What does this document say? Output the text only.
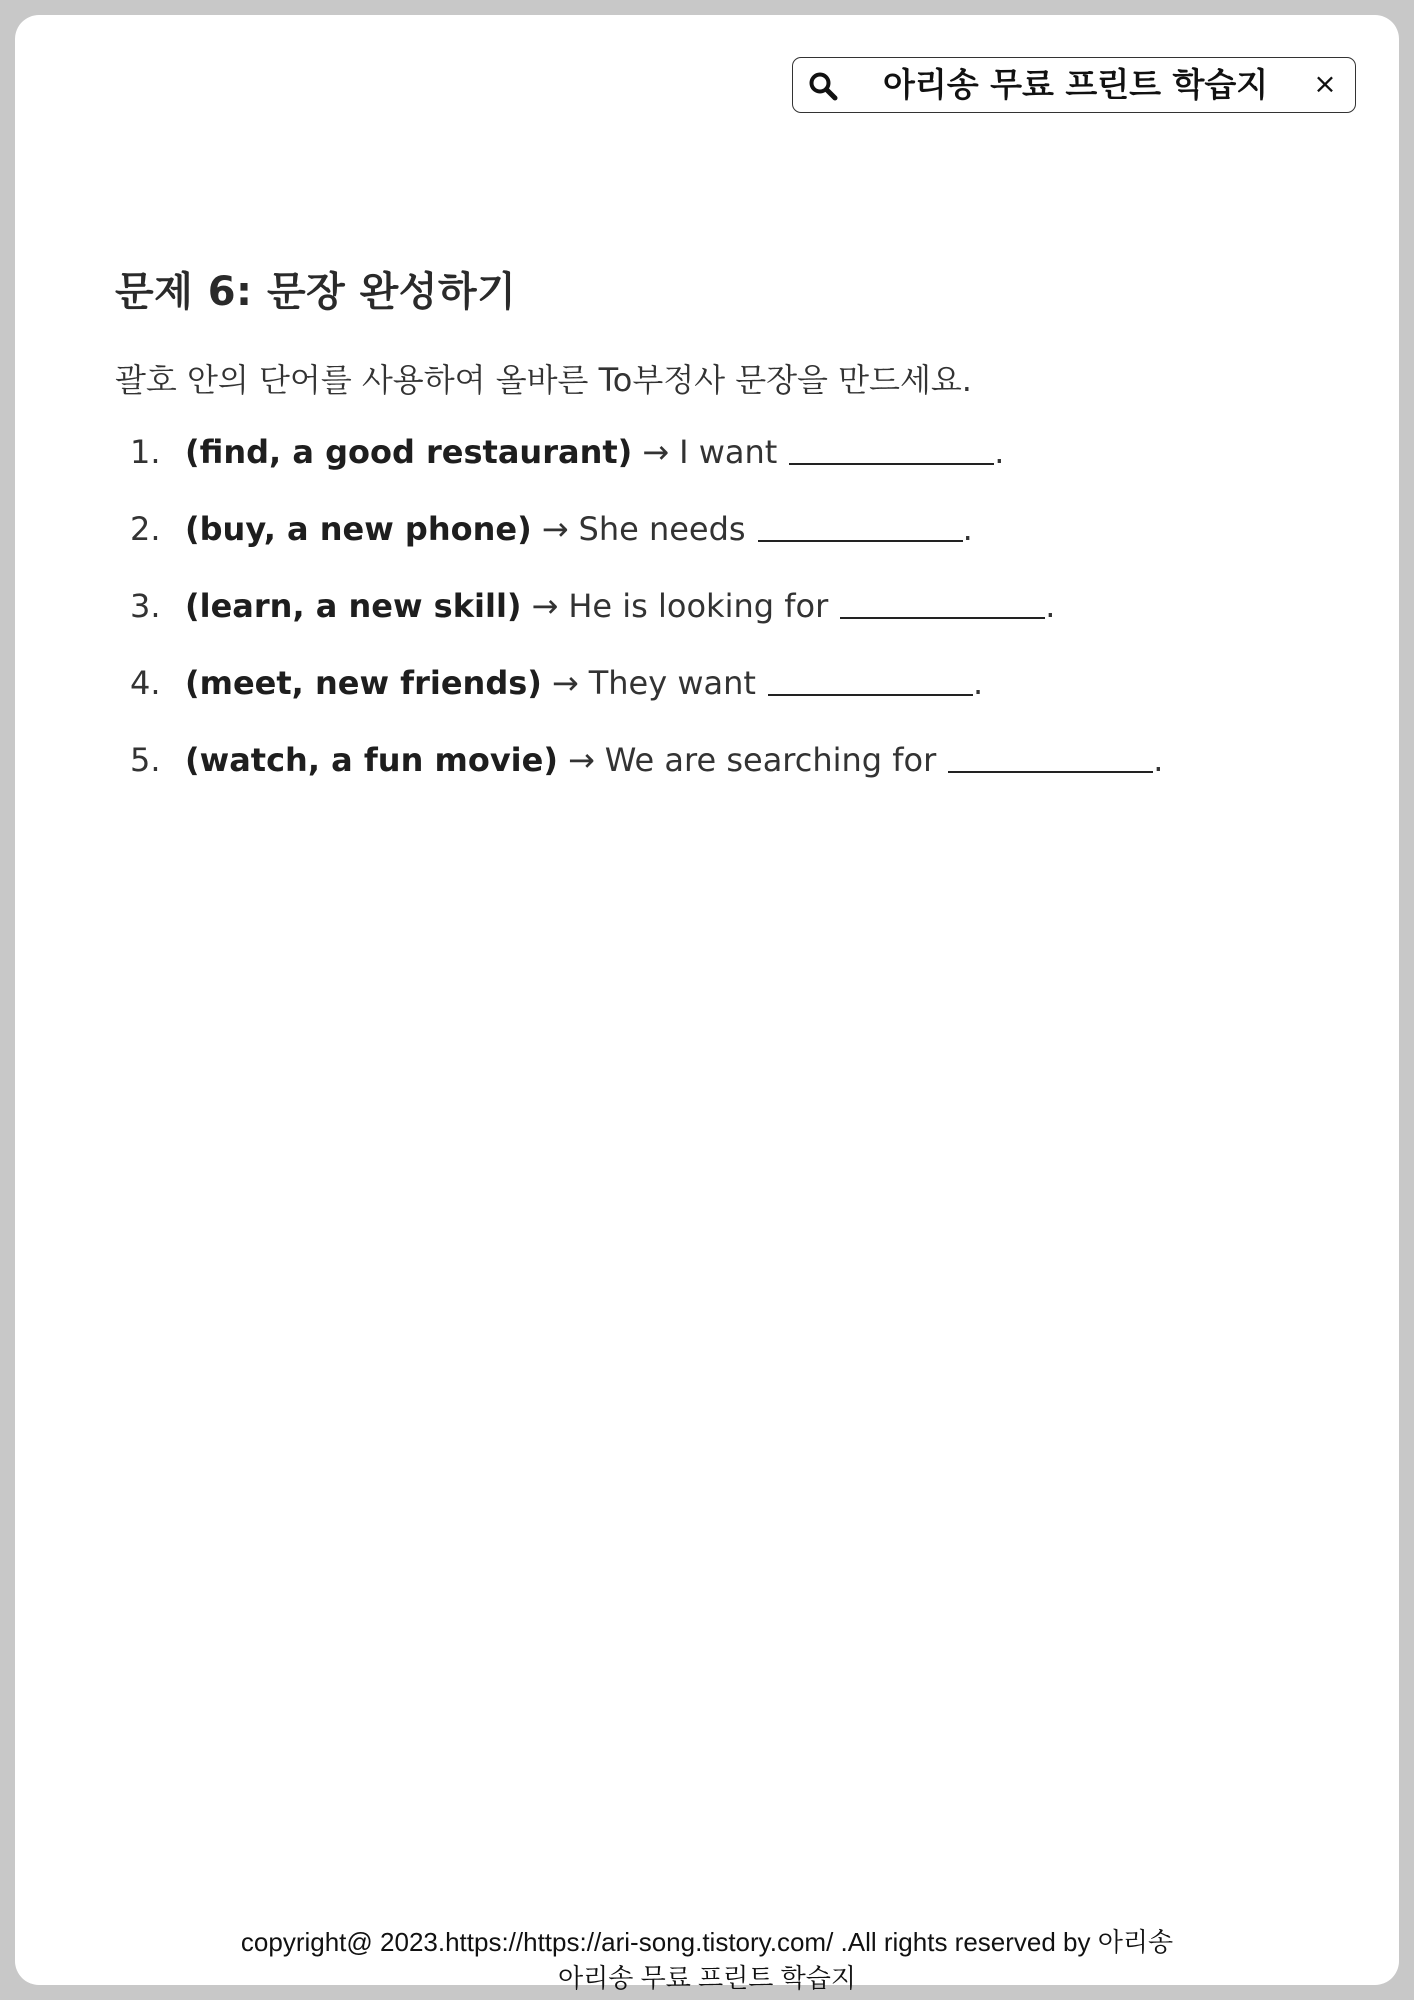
아리송 무료 프린트 학습지 ×
문제 6: 문장 완성하기
괄호 안의 단어를 사용하여 올바른 To부정사 문장을 만드세요.
1. (find, a good restaurant) → I want	.
2. (buy, a new phone) → She needs	.
3. (learn, a new skill) → He is looking for	.
4. (meet, new friends) → They want	.
5. (watch, a fun movie) → We are searching for	.
copyright@ 2023.https://https://ari-song.tistory.com/ .All rights reserved by 아리송
아리송 무료 프린트 학습지
